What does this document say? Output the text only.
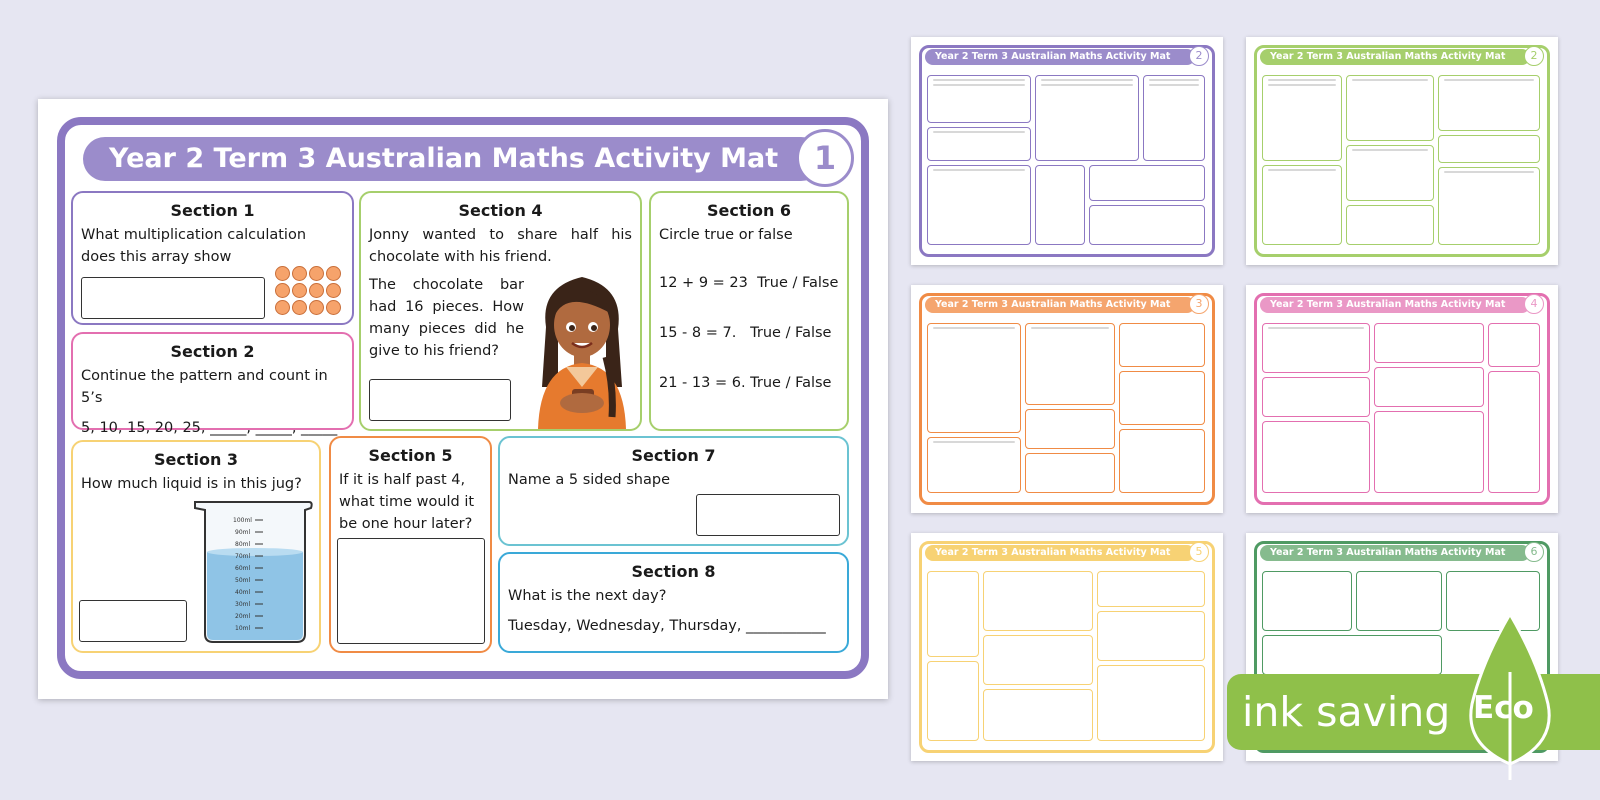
Year 2 Term 3 Australian Maths Activity Mat	1
Section 1
What multiplication calculation does this array show
Section 2
Continue the pattern and count in 5’s
5, 10, 15, 20, 25, _____, _____, _____
Section 3
How much liquid is in this jug?
100ml
90ml
80ml
70ml
60ml
50ml
40ml
30ml
20ml
10ml
Section 4
Jonny wanted to share half his chocolate with his friend.
The chocolate bar had 16 pieces. How many pieces did he give to his friend?
Section 5
If it is half past 4, what time would it be one hour later?
Section 6
Circle true or false
12 + 9 = 23  True / False
15 - 8 = 7.   True / False
21 - 13 = 6. True / False
Section 7
Name a 5 sided shape
Section 8
What is the next day?
Tuesday, Wednesday, Thursday, ___________
Year 2 Term 3 Australian Maths Activity Mat	2	Year 2 Term 3 Australian Maths Activity Mat	2
Year 2 Term 3 Australian Maths Activity Mat	3	Year 2 Term 3 Australian Maths Activity Mat	4
Year 2 Term 3 Australian Maths Activity Mat	5	Year 2 Term 3 Australian Maths Activity Mat	6
ink saving Eco
